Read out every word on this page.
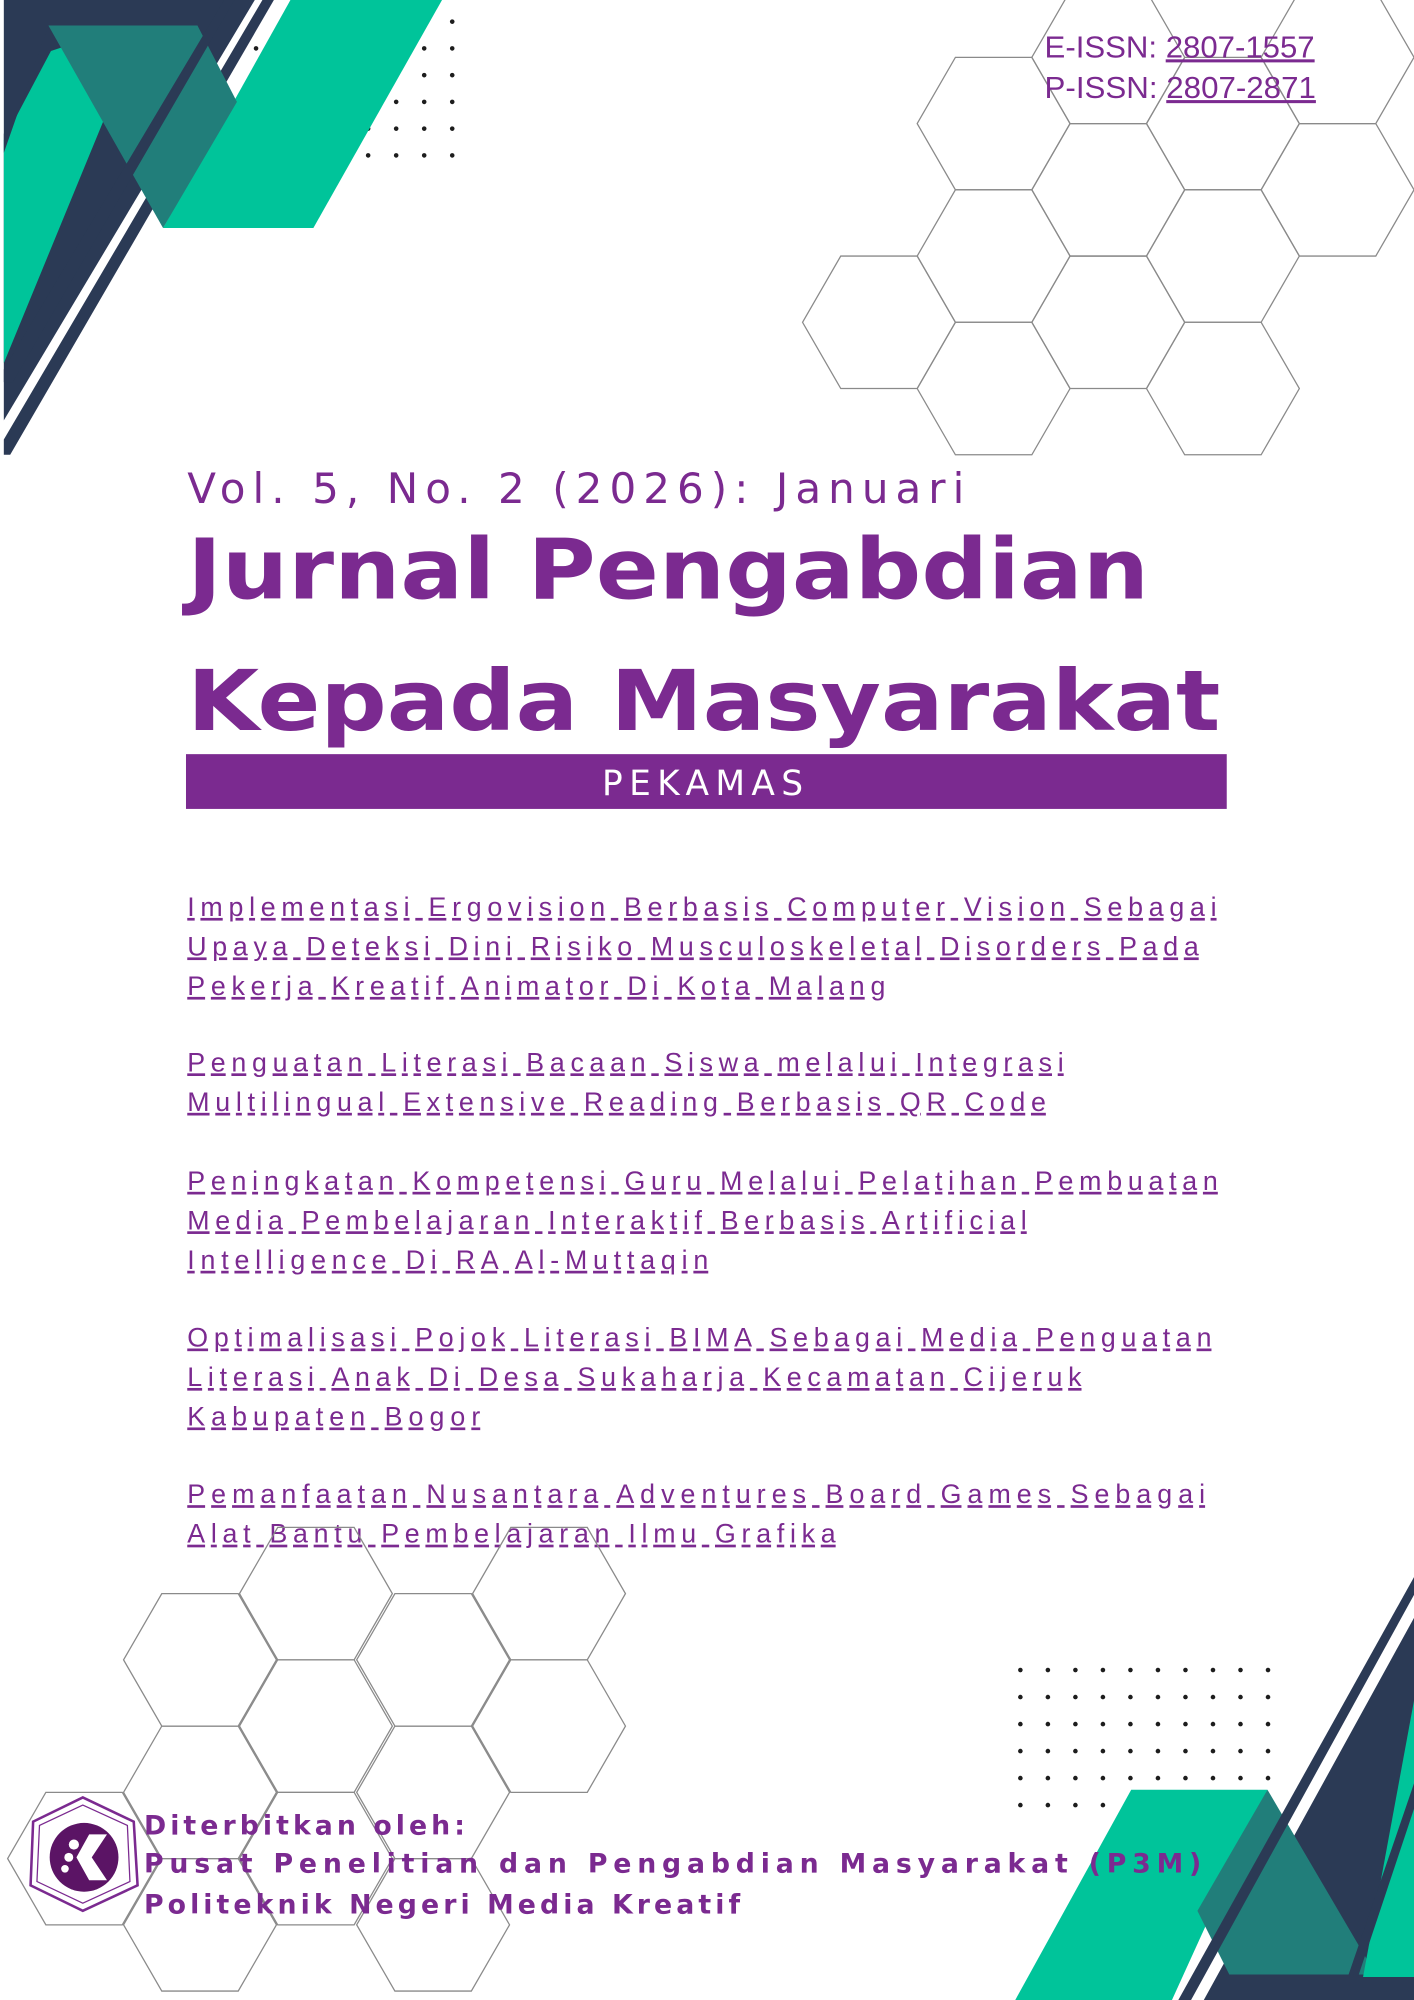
E-ISSN: 2807-1557
P-ISSN: 2807-2871
Vol. 5, No. 2 (2026): Januari
Jurnal Pengabdian
Kepada Masyarakat
PEKAMAS
Implementasi Ergovision Berbasis Computer Vision Sebagai
Upaya Deteksi Dini Risiko Musculoskeletal Disorders Pada
Pekerja Kreatif Animator Di Kota Malang
Penguatan Literasi Bacaan Siswa melalui Integrasi
Multilingual Extensive Reading Berbasis QR Code
Peningkatan Kompetensi Guru Melalui Pelatihan Pembuatan
Media Pembelajaran Interaktif Berbasis Artificial
Intelligence Di RA Al-Muttaqin
Optimalisasi Pojok Literasi BIMA Sebagai Media Penguatan
Literasi Anak Di Desa Sukaharja Kecamatan Cijeruk
Kabupaten Bogor
Pemanfaatan Nusantara Adventures Board Games Sebagai
Alat Bantu Pembelajaran Ilmu Grafika
Diterbitkan oleh:
Pusat Penelitian dan Pengabdian Masyarakat (P3M)
Politeknik Negeri Media Kreatif
